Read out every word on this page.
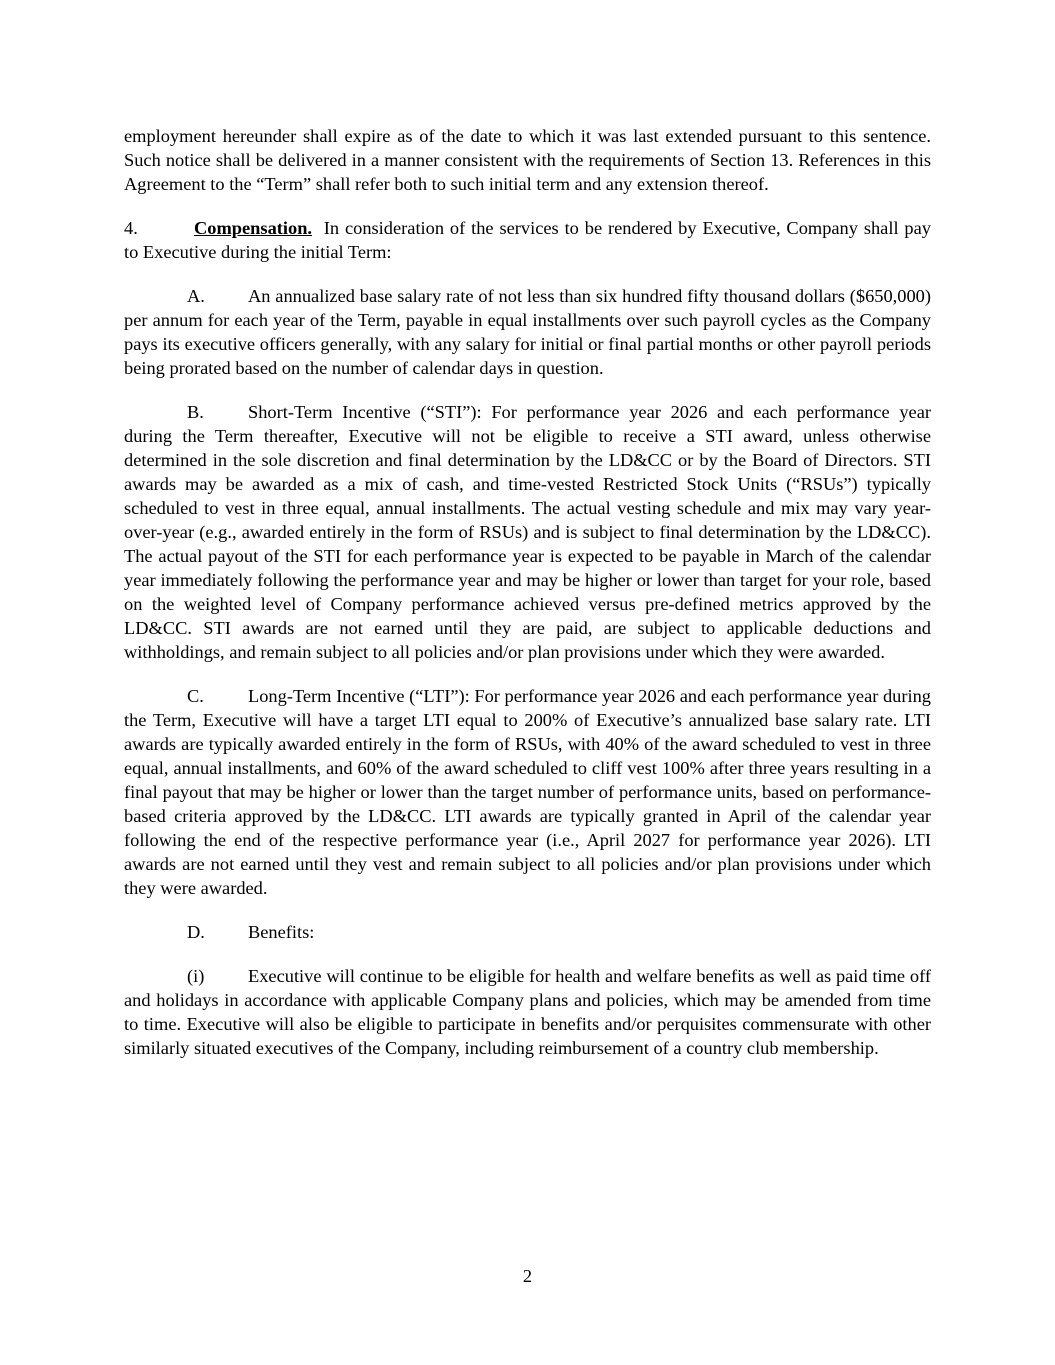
employment hereunder shall expire as of the date to which it was last extended pursuant to this sentence. Such notice shall be delivered in a manner consistent with the requirements of Section 13. References in this Agreement to the “Term” shall refer both to such initial term and any extension thereof.

4.	Compensation. In consideration of the services to be rendered by Executive, Company shall pay to Executive during the initial Term:

A. An annualized base salary rate of not less than six hundred fifty thousand dollars ($650,000) per annum for each year of the Term, payable in equal installments over such payroll cycles as the Company pays its executive officers generally, with any salary for initial or final partial months or other payroll periods being prorated based on the number of calendar days in question.

B. Short-Term Incentive (“STI”): For performance year 2026 and each performance year during the Term thereafter, Executive will not be eligible to receive a STI award, unless otherwise determined in the sole discretion and final determination by the LD&CC or by the Board of Directors. STI awards may be awarded as a mix of cash, and time-vested Restricted Stock Units (“RSUs”) typically scheduled to vest in three equal, annual installments. The actual vesting schedule and mix may vary year-over-year (e.g., awarded entirely in the form of RSUs) and is subject to final determination by the LD&CC). The actual payout of the STI for each performance year is expected to be payable in March of the calendar year immediately following the performance year and may be higher or lower than target for your role, based on the weighted level of Company performance achieved versus pre-defined metrics approved by the LD&CC. STI awards are not earned until they are paid, are subject to applicable deductions and withholdings, and remain subject to all policies and/or plan provisions under which they were awarded.

C. Long-Term Incentive (“LTI”): For performance year 2026 and each performance year during the Term, Executive will have a target LTI equal to 200% of Executive’s annualized base salary rate. LTI awards are typically awarded entirely in the form of RSUs, with 40% of the award scheduled to vest in three equal, annual installments, and 60% of the award scheduled to cliff vest 100% after three years resulting in a final payout that may be higher or lower than the target number of performance units, based on performance-based criteria approved by the LD&CC. LTI awards are typically granted in April of the calendar year following the end of the respective performance year (i.e., April 2027 for performance year 2026). LTI awards are not earned until they vest and remain subject to all policies and/or plan provisions under which they were awarded.

D. Benefits:

(i) Executive will continue to be eligible for health and welfare benefits as well as paid time off and holidays in accordance with applicable Company plans and policies, which may be amended from time to time. Executive will also be eligible to participate in benefits and/or perquisites commensurate with other similarly situated executives of the Company, including reimbursement of a country club membership.

2
